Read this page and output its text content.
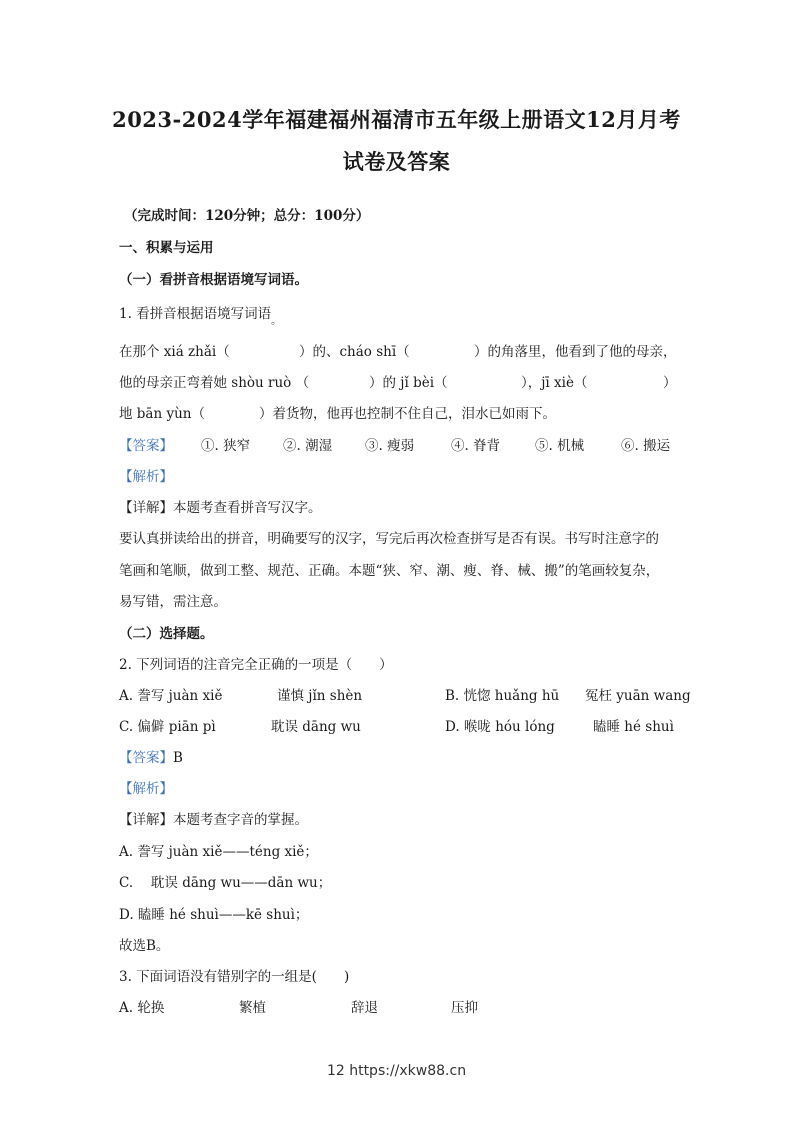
2023-2024学年福建福州福清市五年级上册语文12月月考
试卷及答案
（完成时间：120分钟；总分：100分）
一、积累与运用
（一）看拼音根据语境写词语。
1. 看拼音根据语境写词语$_。$
在那个 xiá zhǎi（	）的、cháo shī（	）的角落里，他看到了他的母亲，
他的母亲正弯着她 shòu ruò （	）的 jǐ bèi（	），jī xiè（	）
地 bān yùn（	）着货物，他再也控制不住自己，泪水已如雨下。
【答案】 ①. 狭窄 ②. 潮湿 ③. 瘦弱	④. 脊背	⑤. 机械	⑥. 搬运
【解析】
【详解】本题考查看拼音写汉字。
要认真拼读给出的拼音，明确要写的汉字，写完后再次检查拼写是否有误。书写时注意字的
笔画和笔顺，做到工整、规范、正确。本题“狭、窄、潮、瘦、脊、械、搬”的笔画较复杂，
易写错，需注意。
（二）选择题。
2. 下列词语的注音完全正确的一项是（　　）
A. 誊写 juàn xiě	谨慎 jǐn shèn	B. 恍惚 huǎng hū 冤枉 yuān wang
C. 偏僻 piān pì	耽误 dāng wu	D. 喉咙 hóu lóng	瞌睡 hé shuì
【答案】B
【解析】
【详解】本题考查字音的掌握。
A. 誊写 juàn xiě——téng xiě；
C.　 耽误 dāng wu——dān wu；
D. 瞌睡 hé shuì——kē shuì；
故选B。
3. 下面词语没有错别字的一组是(　　)
A. 轮换	繁植	辞退	压抑
12 https://xkw88.cn
